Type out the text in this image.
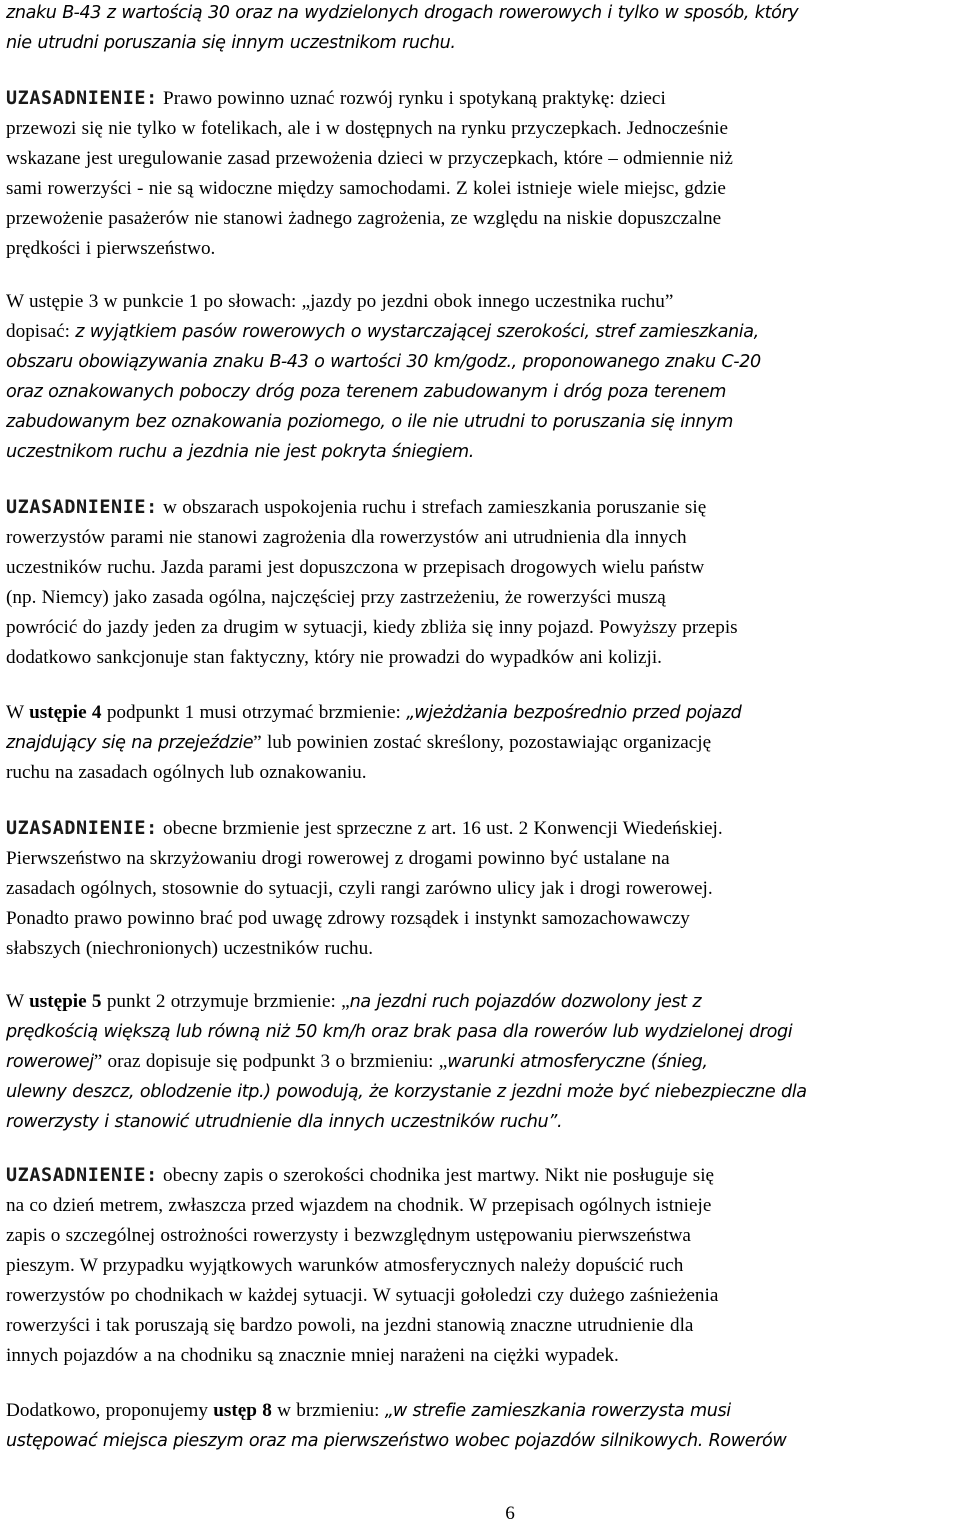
znaku B-43 z wartością 30 oraz na wydzielonych drogach rowerowych i tylko w sposób, który
nie utrudni poruszania się innym uczestnikom ruchu.
UZASADNIENIE: Prawo powinno uznać rozwój rynku i spotykaną praktykę: dzieci
przewozi się nie tylko w fotelikach, ale i w dostępnych na rynku przyczepkach. Jednocześnie
wskazane jest uregulowanie zasad przewożenia dzieci w przyczepkach, które – odmiennie niż
sami rowerzyści - nie są widoczne między samochodami. Z kolei istnieje wiele miejsc, gdzie
przewożenie pasażerów nie stanowi żadnego zagrożenia, ze względu na niskie dopuszczalne
prędkości i pierwszeństwo.
W ustępie 3 w punkcie 1 po słowach: „jazdy po jezdni obok innego uczestnika ruchu”
dopisać: z wyjątkiem pasów rowerowych o wystarczającej szerokości, stref zamieszkania,
obszaru obowiązywania znaku B-43 o wartości 30 km/godz., proponowanego znaku C-20
oraz oznakowanych poboczy dróg poza terenem zabudowanym i dróg poza terenem
zabudowanym bez oznakowania poziomego, o ile nie utrudni to poruszania się innym
uczestnikom ruchu a jezdnia nie jest pokryta śniegiem.
UZASADNIENIE: w obszarach uspokojenia ruchu i strefach zamieszkania poruszanie się
rowerzystów parami nie stanowi zagrożenia dla rowerzystów ani utrudnienia dla innych
uczestników ruchu. Jazda parami jest dopuszczona w przepisach drogowych wielu państw
(np. Niemcy) jako zasada ogólna, najczęściej przy zastrzeżeniu, że rowerzyści muszą
powrócić do jazdy jeden za drugim w sytuacji, kiedy zbliża się inny pojazd. Powyższy przepis
dodatkowo sankcjonuje stan faktyczny, który nie prowadzi do wypadków ani kolizji.
W ustępie 4 podpunkt 1 musi otrzymać brzmienie: „wjeżdżania bezpośrednio przed pojazd
znajdujący się na przejeździe” lub powinien zostać skreślony, pozostawiając organizację
ruchu na zasadach ogólnych lub oznakowaniu.
UZASADNIENIE: obecne brzmienie jest sprzeczne z art. 16 ust. 2 Konwencji Wiedeńskiej.
Pierwszeństwo na skrzyżowaniu drogi rowerowej z drogami powinno być ustalane na
zasadach ogólnych, stosownie do sytuacji, czyli rangi zarówno ulicy jak i drogi rowerowej.
Ponadto prawo powinno brać pod uwagę zdrowy rozsądek i instynkt samozachowawczy
słabszych (niechronionych) uczestników ruchu.
W ustępie 5 punkt 2 otrzymuje brzmienie: „na jezdni ruch pojazdów dozwolony jest z
prędkością większą lub równą niż 50 km/h oraz brak pasa dla rowerów lub wydzielonej drogi
rowerowej” oraz dopisuje się podpunkt 3 o brzmieniu: „warunki atmosferyczne (śnieg,
ulewny deszcz, oblodzenie itp.) powodują, że korzystanie z jezdni może być niebezpieczne dla
rowerzysty i stanowić utrudnienie dla innych uczestników ruchu”.
UZASADNIENIE: obecny zapis o szerokości chodnika jest martwy. Nikt nie posługuje się
na co dzień metrem, zwłaszcza przed wjazdem na chodnik. W przepisach ogólnych istnieje
zapis o szczególnej ostrożności rowerzysty i bezwzględnym ustępowaniu pierwszeństwa
pieszym. W przypadku wyjątkowych warunków atmosferycznych należy dopuścić ruch
rowerzystów po chodnikach w każdej sytuacji. W sytuacji gołoledzi czy dużego zaśnieżenia
rowerzyści i tak poruszają się bardzo powoli, na jezdni stanowią znaczne utrudnienie dla
innych pojazdów a na chodniku są znacznie mniej narażeni na ciężki wypadek.
Dodatkowo, proponujemy ustęp 8 w brzmieniu: „w strefie zamieszkania rowerzysta musi
ustępować miejsca pieszym oraz ma pierwszeństwo wobec pojazdów silnikowych. Rowerów
6
